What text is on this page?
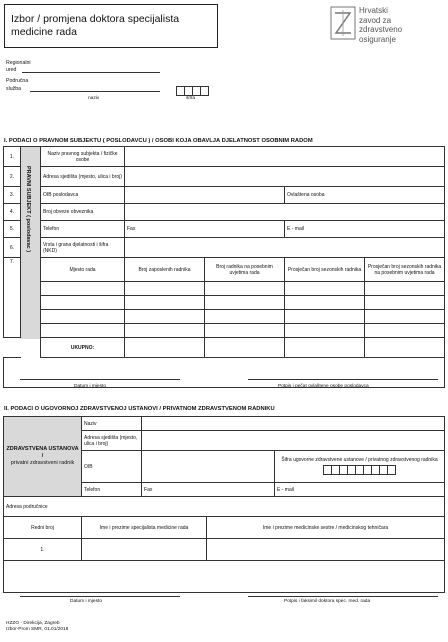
Izbor / promjena doktora specijalista
medicine rada
Hrvatski
zavod za
zdravstveno
osiguranje
Regionalni
ured
Područna
služba
naziv	šifra
I. PODACI O PRAVNOM SUBJEKTU ( POSLODAVCU ) / OSOBI KOJA OBAVLJA DJELATNOST OSOBNIM RADOM
PRAVNI SUBJEKT ( poslodavac )
1.		Naziv pravnog subjekta / fizičke osobe				
2.		Adresa sjedišta (mjesto, ulica i broj)				
3.		OIB poslodavca			Ovlaštena osoba	
4.		Broj obveze obveznika				
5.		Telefon	Fax		E - mail	
6.		Vrsta i grana djelatnosti i šifra (NKD)				
7.		Mjesto rada	Broj zaposlenih radnika	Broj radnika na posebnim uvjetima rada	Prosječan broj sezonskih radnika	Prosječan broj sezonskih radnika na posebnim uvjetima rada

		UKUPNO:				

Datum i mjesto	Potpis i pečat ovlaštene osobe poslodavca
II. PODACI O UGOVORNOJ ZDRAVSTVENOJ USTANOVI / PRIVATNOM ZDRAVSTVENOM RADNIKU
ZDRAVSTVENA USTANOVA /
privatni zdravstveni radnik	Naziv			
	Adresa sjedišta (mjesto, ulica i broj)			
	OIB			Šifra ugovorne zdravstvene ustanove / privatnog zdravstvenog radnika

	Telefon	Fax		E - mail
Adresa područnice				
Redni broj	Ime i prezime specijalista medicine rada		Ime i prezime medicinske sestre / medicinskog tehničara	
1.				

Datum i mjesto	Potpis i faksimil doktora spec. med. rada
HZZO - Direkcija, Zagreb
Izbor-Prom SMR, 01.01/2018
